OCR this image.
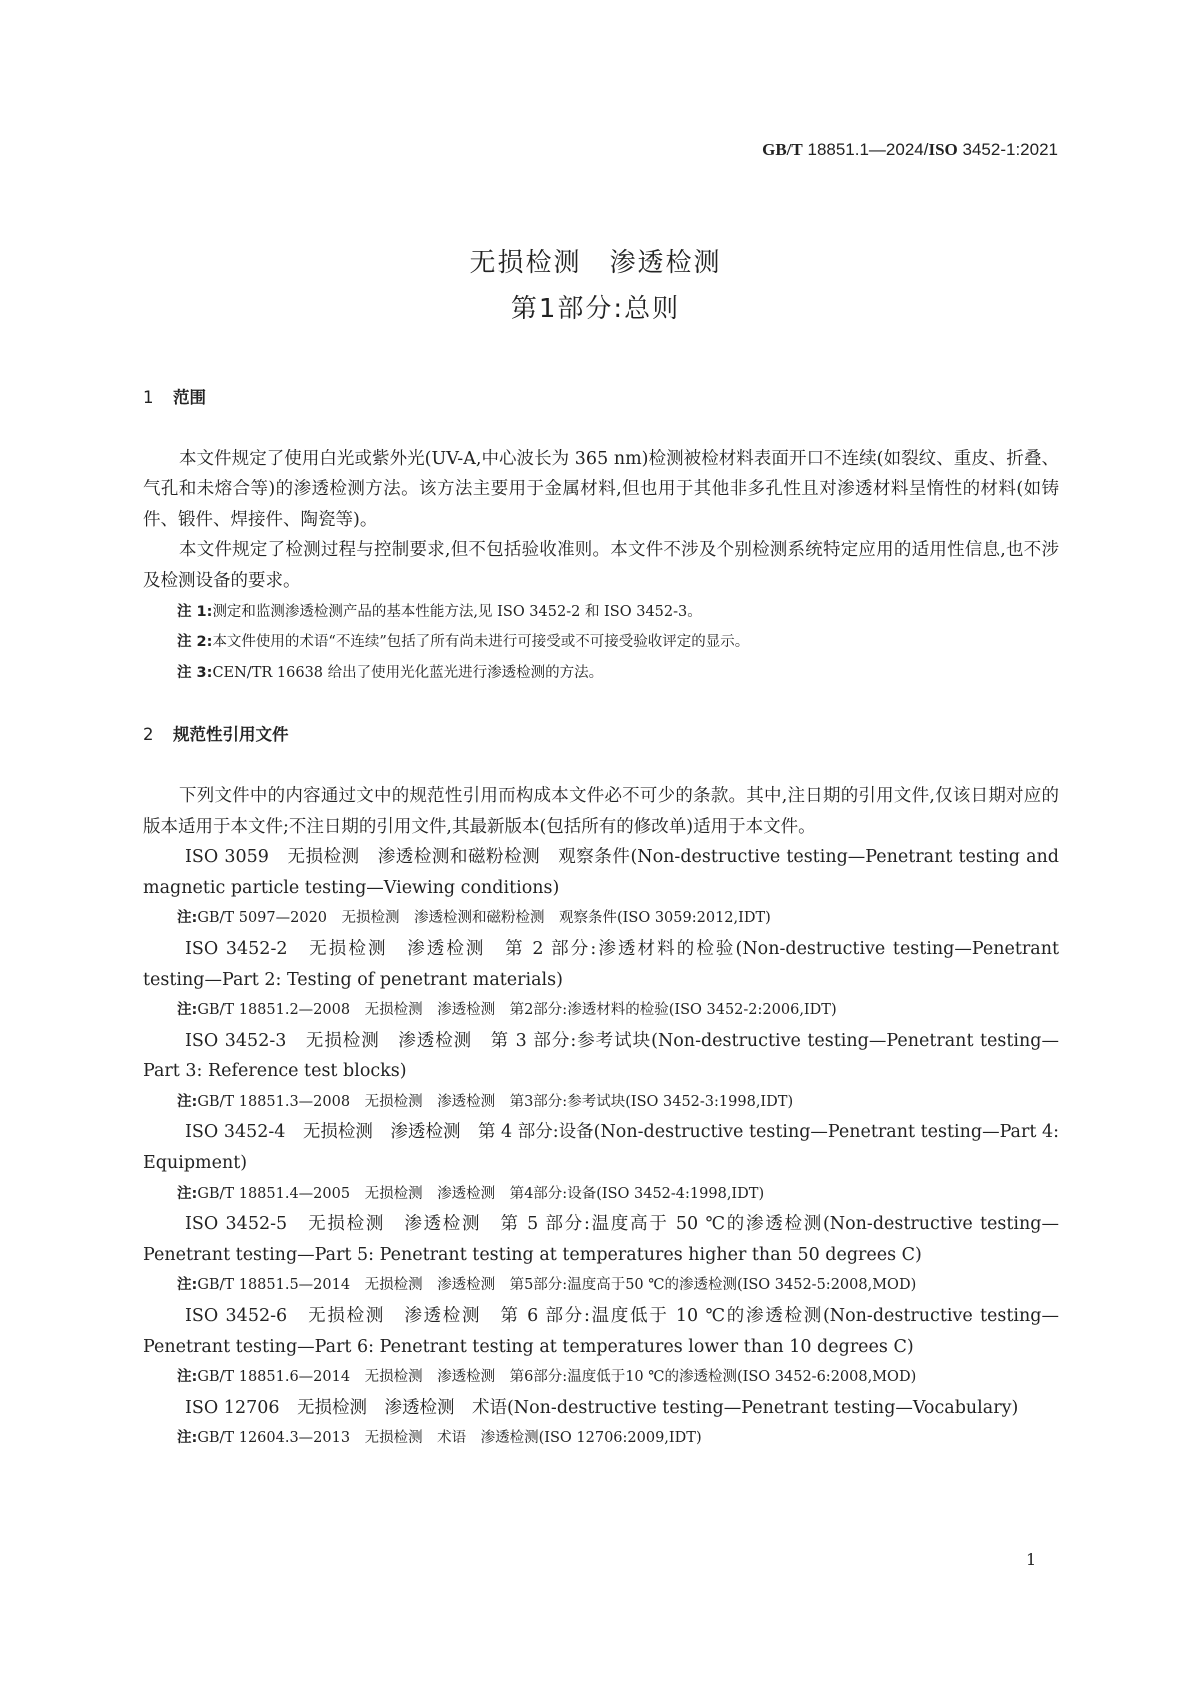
GB/T 18851.1—2024/ISO 3452-1:2021
无损检测　渗透检测
第1部分:总则
1 范围

本文件规定了使用白光或紫外光(UV-A,中心波长为 365 nm)检测被检材料表面开口不连续(如裂纹、重皮、折叠、气孔和未熔合等)的渗透检测方法。该方法主要用于金属材料,但也用于其他非多孔性且对渗透材料呈惰性的材料(如铸件、锻件、焊接件、陶瓷等)。

本文件规定了检测过程与控制要求,但不包括验收准则。本文件不涉及个别检测系统特定应用的适用性信息,也不涉及检测设备的要求。

注 1:测定和监测渗透检测产品的基本性能方法,见 ISO 3452-2 和 ISO 3452-3。

注 2:本文件使用的术语“不连续”包括了所有尚未进行可接受或不可接受验收评定的显示。

注 3:CEN/TR 16638 给出了使用光化蓝光进行渗透检测的方法。

2 规范性引用文件

下列文件中的内容通过文中的规范性引用而构成本文件必不可少的条款。其中,注日期的引用文件,仅该日期对应的版本适用于本文件;不注日期的引用文件,其最新版本(包括所有的修改单)适用于本文件。

ISO 3059　无损检测　渗透检测和磁粉检测　观察条件(Non-destructive testing—Penetrant testing and magnetic particle testing—Viewing conditions)

注:GB/T 5097—2020　无损检测　渗透检测和磁粉检测　观察条件(ISO 3059:2012,IDT)

ISO 3452-2　无损检测　渗透检测　第 2 部分:渗透材料的检验(Non-destructive testing—Penetrant testing—Part 2: Testing of penetrant materials)

注:GB/T 18851.2—2008　无损检测　渗透检测　第2部分:渗透材料的检验(ISO 3452-2:2006,IDT)

ISO 3452-3　无损检测　渗透检测　第 3 部分:参考试块(Non-destructive testing—Penetrant testing—Part 3: Reference test blocks)

注:GB/T 18851.3—2008　无损检测　渗透检测　第3部分:参考试块(ISO 3452-3:1998,IDT)

ISO 3452-4　无损检测　渗透检测　第 4 部分:设备(Non-destructive testing—Penetrant testing—Part 4: Equipment)

注:GB/T 18851.4—2005　无损检测　渗透检测　第4部分:设备(ISO 3452-4:1998,IDT)

ISO 3452-5　无损检测　渗透检测　第 5 部分:温度高于 50 ℃的渗透检测(Non-destructive testing—Penetrant testing—Part 5: Penetrant testing at temperatures higher than 50 degrees C)

注:GB/T 18851.5—2014　无损检测　渗透检测　第5部分:温度高于50 ℃的渗透检测(ISO 3452-5:2008,MOD)

ISO 3452-6　无损检测　渗透检测　第 6 部分:温度低于 10 ℃的渗透检测(Non-destructive testing—Penetrant testing—Part 6: Penetrant testing at temperatures lower than 10 degrees C)

注:GB/T 18851.6—2014　无损检测　渗透检测　第6部分:温度低于10 ℃的渗透检测(ISO 3452-6:2008,MOD)

ISO 12706　无损检测　渗透检测　术语(Non-destructive testing—Penetrant testing—Vocabulary)

注:GB/T 12604.3—2013　无损检测　术语　渗透检测(ISO 12706:2009,IDT)

1
